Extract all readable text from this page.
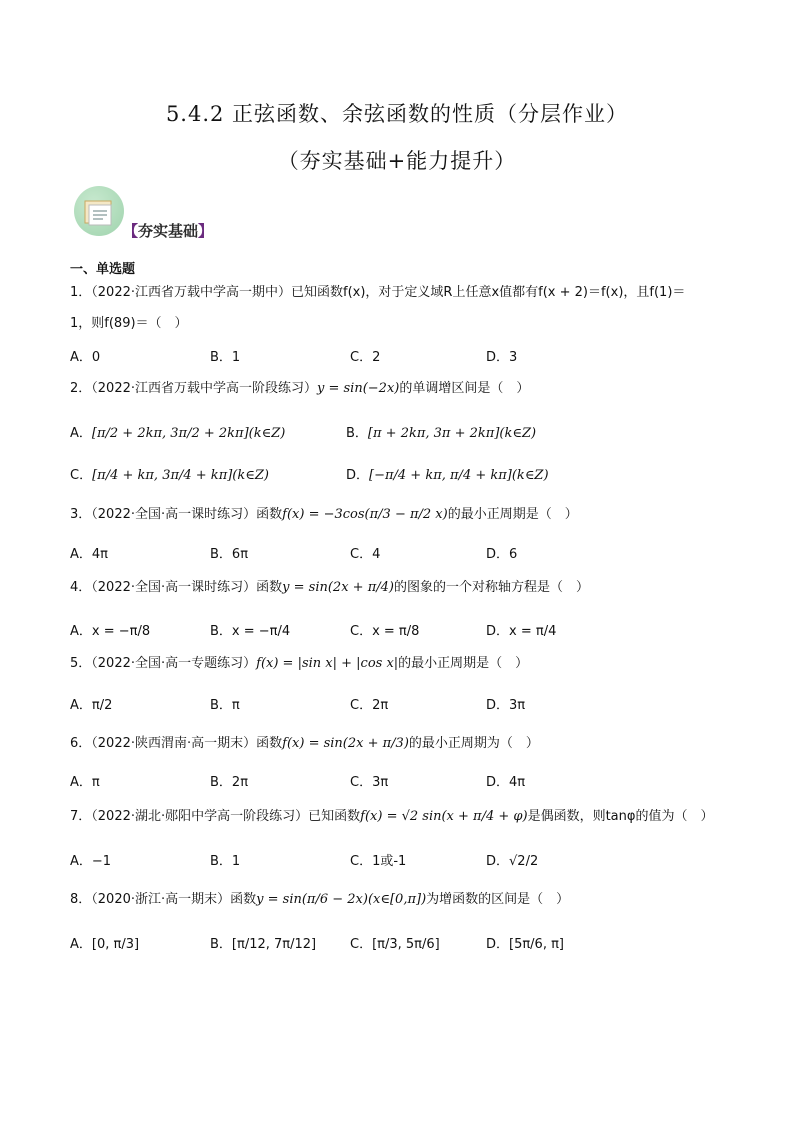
5.4.2 正弦函数、余弦函数的性质（分层作业）
（夯实基础+能力提升）
【夯实基础】
一、单选题
1．（2022·江西省万载中学高一期中）已知函数f(x)，对于定义域R上任意x值都有f(x + 2)＝f(x)，且f(1)＝
1，则f(89)＝（　）
A．0	B．1	C．2	D．3
2．（2022·江西省万载中学高一阶段练习）y = sin(−2x)的单调增区间是（　）
A．[π/2 + 2kπ, 3π/2 + 2kπ](k∈Z)	B．[π + 2kπ, 3π + 2kπ](k∈Z)
C．[π/4 + kπ, 3π/4 + kπ](k∈Z)	D．[−π/4 + kπ, π/4 + kπ](k∈Z)
3．（2022·全国·高一课时练习）函数f(x) = −3cos(π/3 − π/2 x)的最小正周期是（　）
A．4π	B．6π	C．4	D．6
4．（2022·全国·高一课时练习）函数y = sin(2x + π/4)的图象的一个对称轴方程是（　）
A．x = −π/8	B．x = −π/4	C．x = π/8	D．x = π/4
5．（2022·全国·高一专题练习）f(x) = |sin x| + |cos x|的最小正周期是（　）
A．π/2	B．π	C．2π	D．3π
6．（2022·陕西渭南·高一期末）函数f(x) = sin(2x + π/3)的最小正周期为（　）
A．π	B．2π	C．3π	D．4π
7．（2022·湖北·郧阳中学高一阶段练习）已知函数f(x) = √2 sin(x + π/4 + φ)是偶函数，则tanφ的值为（　）
A．−1	B．1	C．1或-1	D．√2/2
8．（2020·浙江·高一期末）函数y = sin(π/6 − 2x)(x∈[0,π])为增函数的区间是（　）
A．[0, π/3]	B．[π/12, 7π/12]	C．[π/3, 5π/6]	D．[5π/6, π]
